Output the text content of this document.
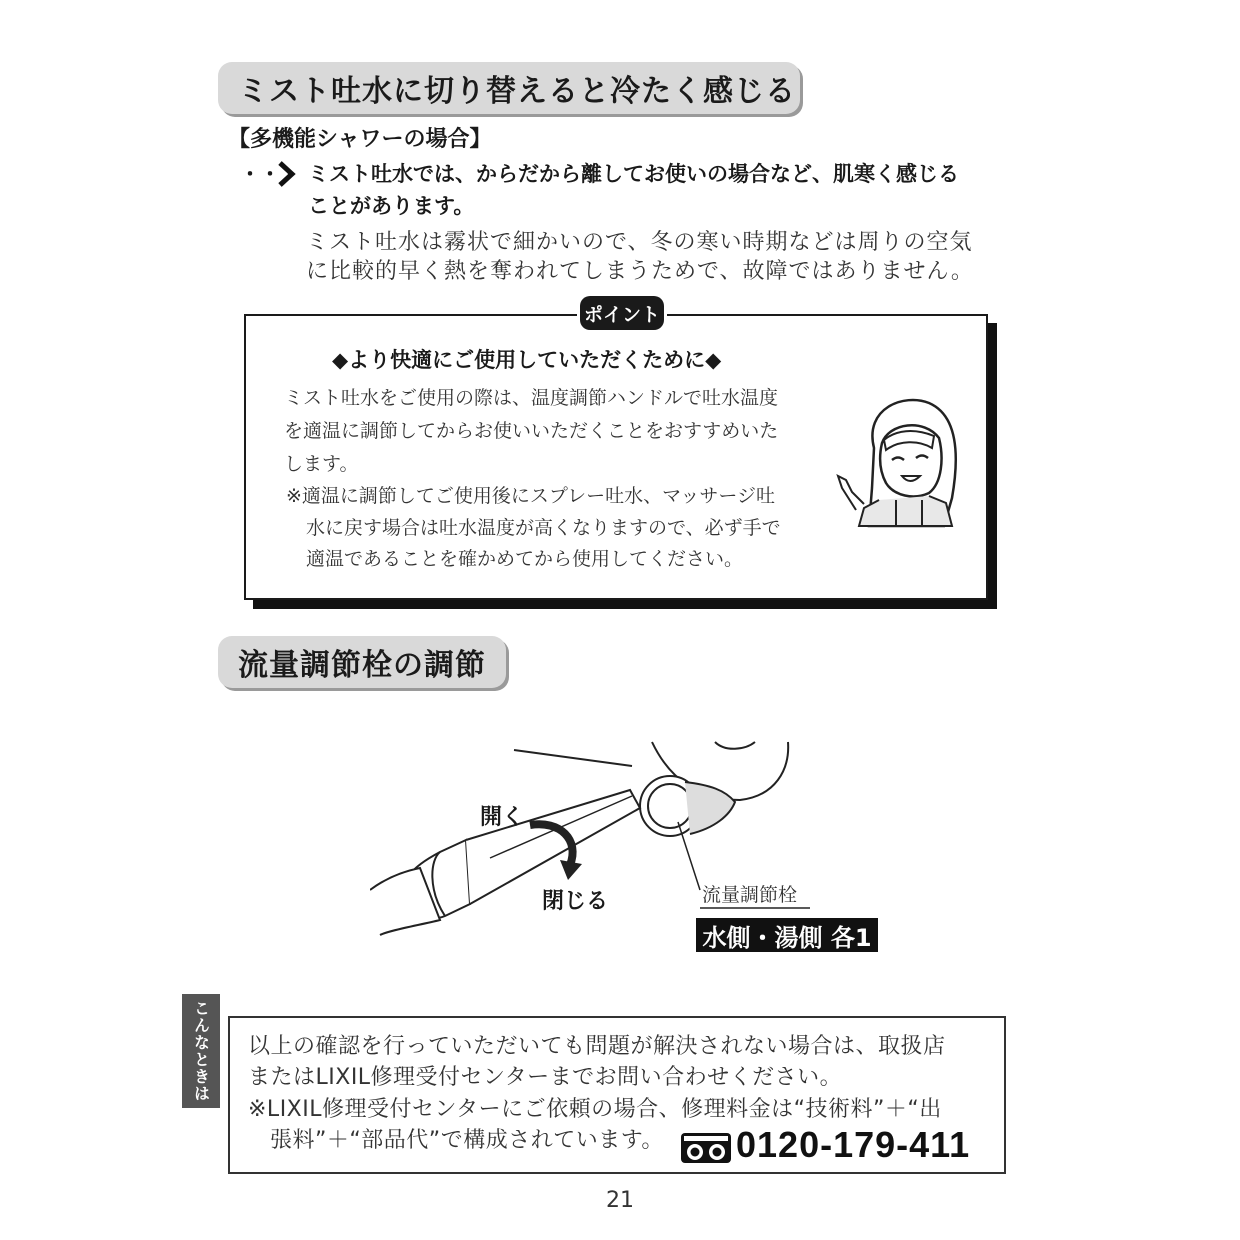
ミスト吐水に切り替えると冷たく感じる
【多機能シャワーの場合】
・・・ ミスト吐水では、からだから離してお使いの場合など、肌寒く感じる
ことがあります。
ミスト吐水は霧状で細かいので、冬の寒い時期などは周りの空気
に比較的早く熱を奪われてしまうためで、故障ではありません。
◆より快適にご使用していただくために◆
ミスト吐水をご使用の際は、温度調節ハンドルで吐水温度
を適温に調節してからお使いいただくことをおすすめいた
します。
※適温に調節してご使用後にスプレー吐水、マッサージ吐
水に戻す場合は吐水温度が高くなりますので、必ず手で
適温であることを確かめてから使用してください。
ポイント
流量調節栓の調節
開く
閉じる	流量調節栓
水側・湯側 各1
こんなときは	以上の確認を行っていただいても問題が解決されない場合は、取扱店
またはLIXIL修理受付センターまでお問い合わせください。
※LIXIL修理受付センターにご依頼の場合、修理料金は“技術料”＋“出
張料”＋“部品代”で構成されています。 0120-179-411
21
